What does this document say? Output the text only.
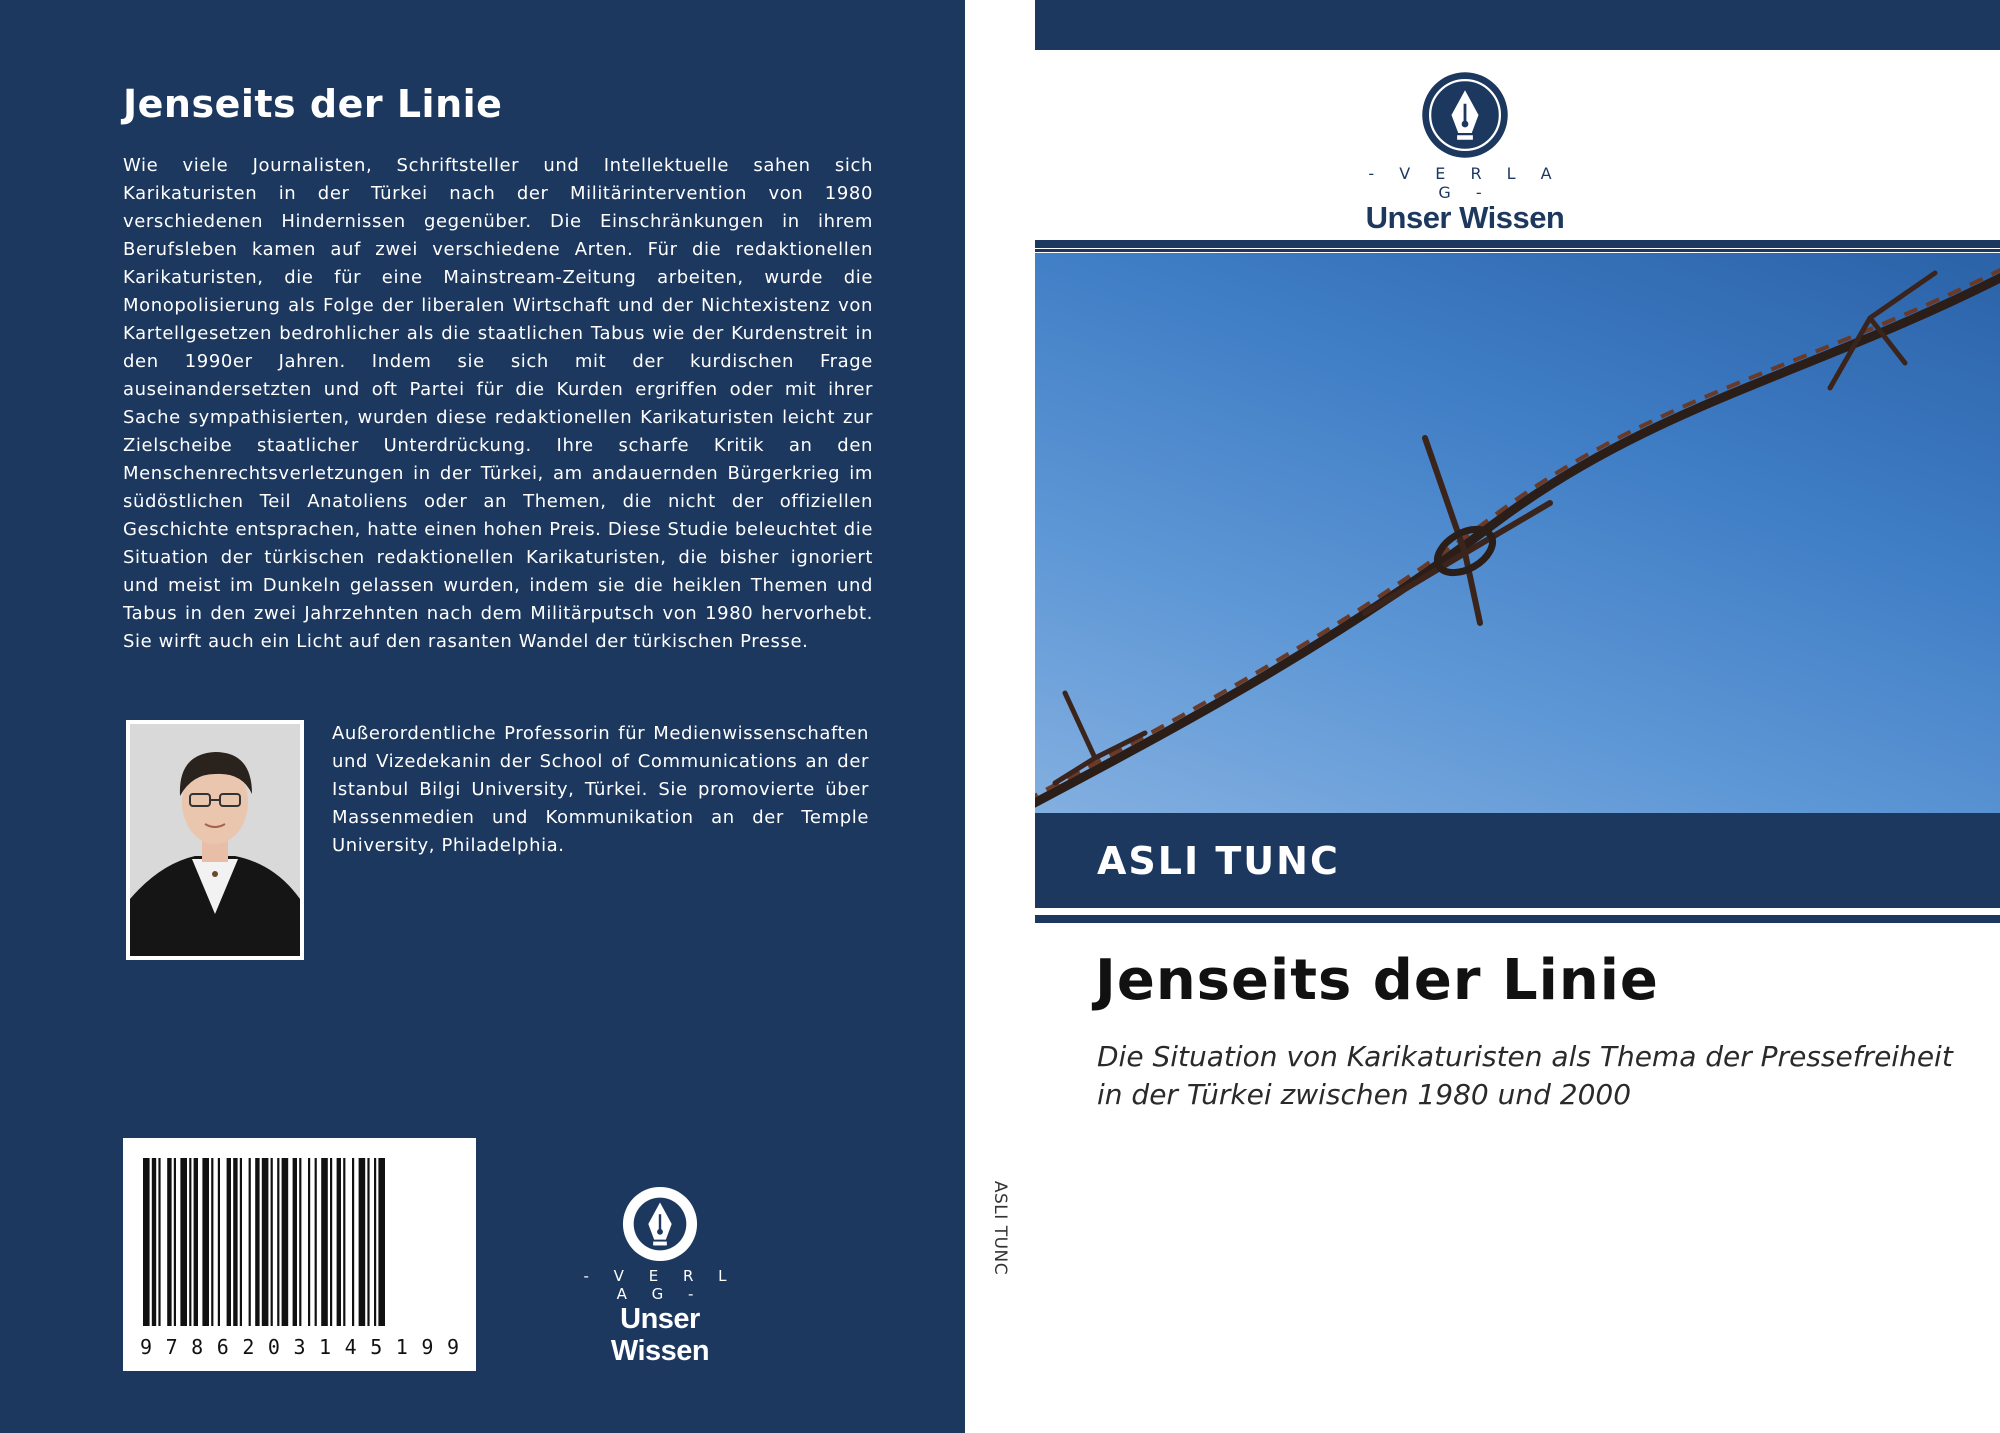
Jenseits der Linie

Wie viele Journalisten, Schriftsteller und Intellektuelle sahen sich Karikaturisten in der Türkei nach der Militärintervention von 1980 verschiedenen Hindernissen gegenüber. Die Einschränkungen in ihrem Berufsleben kamen auf zwei verschiedene Arten. Für die redaktionellen Karikaturisten, die für eine Mainstream-Zeitung arbeiten, wurde die Monopolisierung als Folge der liberalen Wirtschaft und der Nichtexistenz von Kartellgesetzen bedrohlicher als die staatlichen Tabus wie der Kurdenstreit in den 1990er Jahren. Indem sie sich mit der kurdischen Frage auseinandersetzten und oft Partei für die Kurden ergriffen oder mit ihrer Sache sympathisierten, wurden diese redaktionellen Karikaturisten leicht zur Zielscheibe staatlicher Unterdrückung. Ihre scharfe Kritik an den Menschenrechtsverletzungen in der Türkei, am andauernden Bürgerkrieg im südöstlichen Teil Anatoliens oder an Themen, die nicht der offiziellen Geschichte entsprachen, hatte einen hohen Preis. Diese Studie beleuchtet die Situation der türkischen redaktionellen Karikaturisten, die bisher ignoriert und meist im Dunkeln gelassen wurden, indem sie die heiklen Themen und Tabus in den zwei Jahrzehnten nach dem Militärputsch von 1980 hervorhebt. Sie wirft auch ein Licht auf den rasanten Wandel der türkischen Presse.

Außerordentliche Professorin für Medienwissenschaften und Vizedekanin der School of Communications an der Istanbul Bilgi University, Türkei. Sie promovierte über Massenmedien und Kommunikation an der Temple University, Philadelphia.

9 7 8 6 2 0 3 1 4 5 1 9 9
- V E R L A G -
Unser Wissen
ASLI TUNC
- V E R L A G -
Unser Wissen
ASLI TUNC
Jenseits der Linie

Die Situation von Karikaturisten als Thema der Pressefreiheit in der Türkei zwischen 1980 und 2000
